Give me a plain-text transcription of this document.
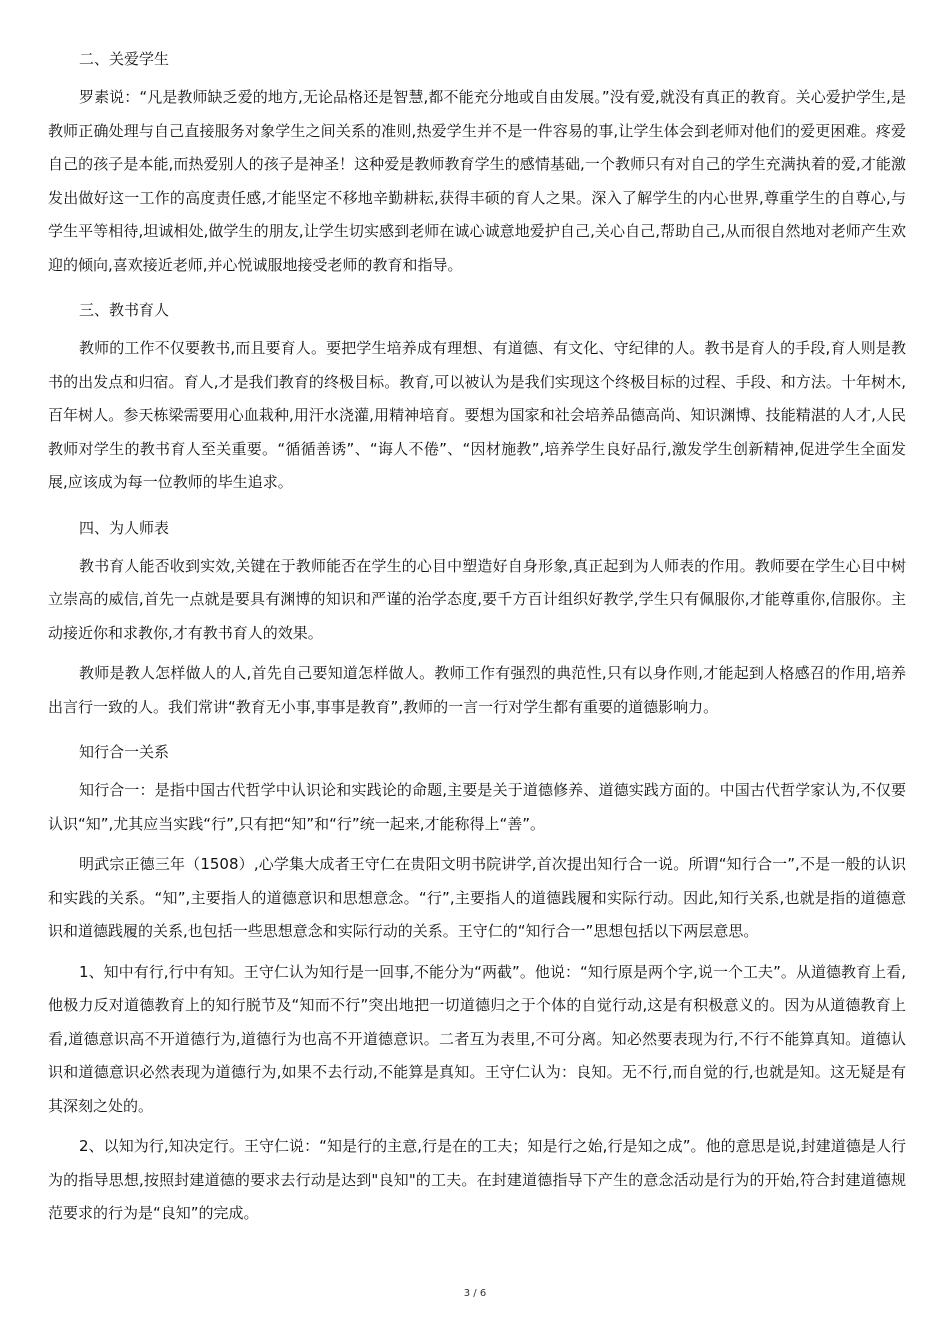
二、关爱学生

罗素说：“凡是教师缺乏爱的地方,无论品格还是智慧,都不能充分地或自由发展。”没有爱,就没有真正的教育。关心爱护学生,是教师正确处理与自己直接服务对象学生之间关系的准则,热爱学生并不是一件容易的事,让学生体会到老师对他们的爱更困难。疼爱自己的孩子是本能,而热爱别人的孩子是神圣！这种爱是教师教育学生的感情基础,一个教师只有对自己的学生充满执着的爱,才能激发出做好这一工作的高度责任感,才能坚定不移地辛勤耕耘,获得丰硕的育人之果。深入了解学生的内心世界,尊重学生的自尊心,与学生平等相待,坦诚相处,做学生的朋友,让学生切实感到老师在诚心诚意地爱护自己,关心自己,帮助自己,从而很自然地对老师产生欢迎的倾向,喜欢接近老师,并心悦诚服地接受老师的教育和指导。

三、教书育人

教师的工作不仅要教书,而且要育人。要把学生培养成有理想、有道德、有文化、守纪律的人。教书是育人的手段,育人则是教书的出发点和归宿。育人,才是我们教育的终极目标。教育,可以被认为是我们实现这个终极目标的过程、手段、和方法。十年树木,百年树人。参天栋梁需要用心血栽种,用汗水浇灌,用精神培育。要想为国家和社会培养品德高尚、知识渊博、技能精湛的人才,人民教师对学生的教书育人至关重要。“循循善诱”、“诲人不倦”、“因材施教”,培养学生良好品行,激发学生创新精神,促进学生全面发展,应该成为每一位教师的毕生追求。

四、为人师表

教书育人能否收到实效,关键在于教师能否在学生的心目中塑造好自身形象,真正起到为人师表的作用。教师要在学生心目中树立崇高的威信,首先一点就是要具有渊博的知识和严谨的治学态度,要千方百计组织好教学,学生只有佩服你,才能尊重你,信服你。主动接近你和求教你,才有教书育人的效果。

教师是教人怎样做人的人,首先自己要知道怎样做人。教师工作有强烈的典范性,只有以身作则,才能起到人格感召的作用,培养出言行一致的人。我们常讲“教育无小事,事事是教育”,教师的一言一行对学生都有重要的道德影响力。

知行合一关系

知行合一：是指中国古代哲学中认识论和实践论的命题,主要是关于道德修养、道德实践方面的。中国古代哲学家认为,不仅要认识“知”,尤其应当实践“行”,只有把“知”和“行”统一起来,才能称得上“善”。

明武宗正德三年（1508）,心学集大成者王守仁在贵阳文明书院讲学,首次提出知行合一说。所谓“知行合一”,不是一般的认识和实践的关系。“知”,主要指人的道德意识和思想意念。“行”,主要指人的道德践履和实际行动。因此,知行关系,也就是指的道德意识和道德践履的关系,也包括一些思想意念和实际行动的关系。王守仁的“知行合一”思想包括以下两层意思。

1、知中有行,行中有知。王守仁认为知行是一回事,不能分为“两截”。他说：“知行原是两个字,说一个工夫”。从道德教育上看,他极力反对道德教育上的知行脱节及“知而不行”突出地把一切道德归之于个体的自觉行动,这是有积极意义的。因为从道德教育上看,道德意识高不开道德行为,道德行为也高不开道德意识。二者互为表里,不可分离。知必然要表现为行,不行不能算真知。道德认识和道德意识必然表现为道德行为,如果不去行动,不能算是真知。王守仁认为：良知。无不行,而自觉的行,也就是知。这无疑是有其深刻之处的。

2、以知为行,知决定行。王守仁说：“知是行的主意,行是在的工夫；知是行之始,行是知之成”。他的意思是说,封建道德是人行为的指导思想,按照封建道德的要求去行动是达到"良知"的工夫。在封建道德指导下产生的意念活动是行为的开始,符合封建道德规范要求的行为是“良知”的完成。

3 / 6
